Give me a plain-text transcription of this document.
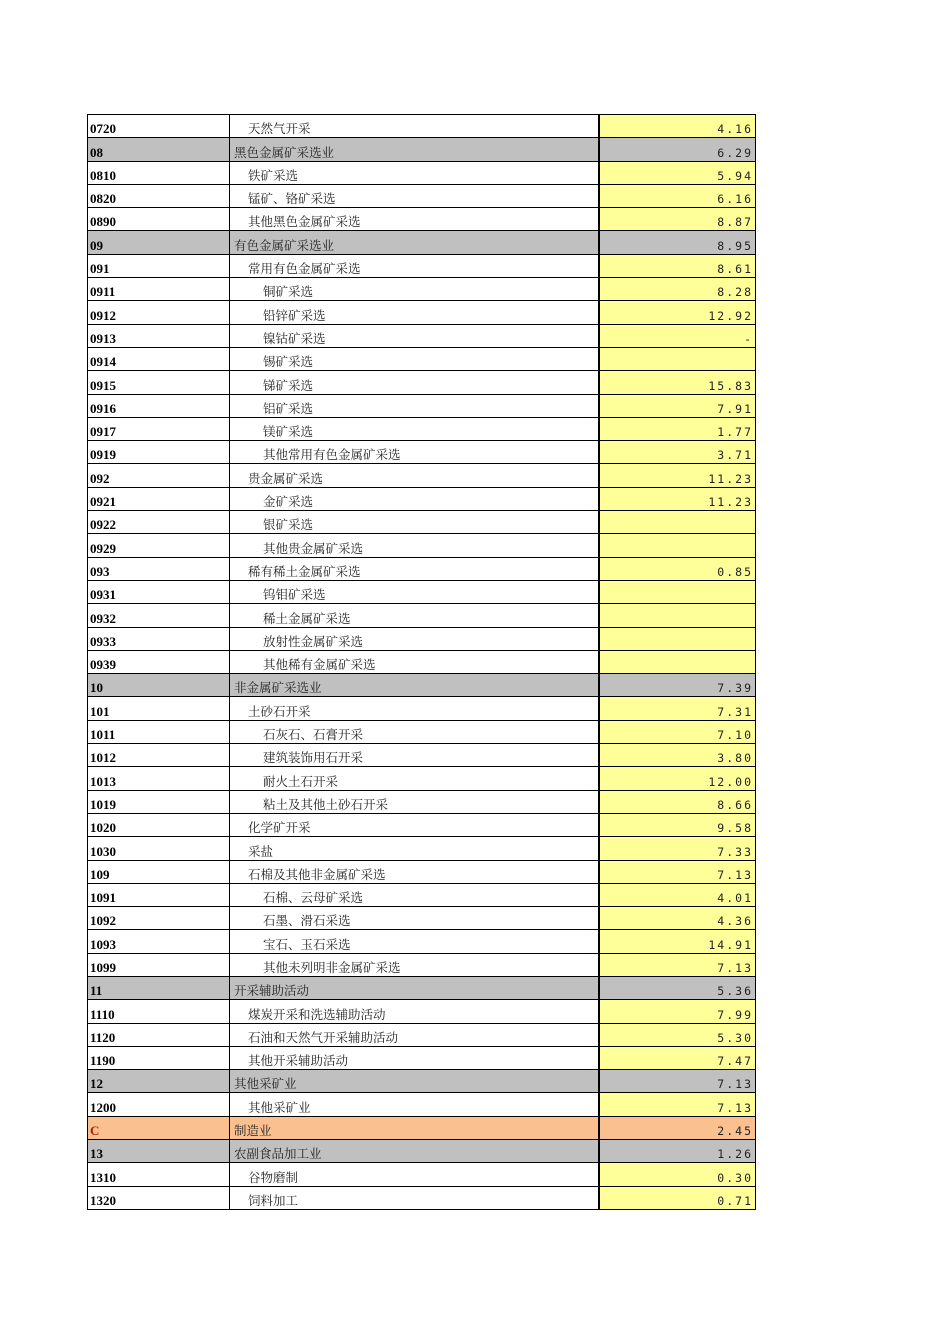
0720	天然气开采	4.16
08	黑色金属矿采选业	6.29
0810	铁矿采选	5.94
0820	锰矿、铬矿采选	6.16
0890	其他黑色金属矿采选	8.87
09	有色金属矿采选业	8.95
091	常用有色金属矿采选	8.61
0911	铜矿采选	8.28
0912	铅锌矿采选	12.92
0913	镍钴矿采选	-
0914	锡矿采选	
0915	锑矿采选	15.83
0916	铝矿采选	7.91
0917	镁矿采选	1.77
0919	其他常用有色金属矿采选	3.71
092	贵金属矿采选	11.23
0921	金矿采选	11.23
0922	银矿采选	
0929	其他贵金属矿采选	
093	稀有稀土金属矿采选	0.85
0931	钨钼矿采选	
0932	稀土金属矿采选	
0933	放射性金属矿采选	
0939	其他稀有金属矿采选	
10	非金属矿采选业	7.39
101	土砂石开采	7.31
1011	石灰石、石膏开采	7.10
1012	建筑装饰用石开采	3.80
1013	耐火土石开采	12.00
1019	粘土及其他土砂石开采	8.66
1020	化学矿开采	9.58
1030	采盐	7.33
109	石棉及其他非金属矿采选	7.13
1091	石棉、云母矿采选	4.01
1092	石墨、滑石采选	4.36
1093	宝石、玉石采选	14.91
1099	其他未列明非金属矿采选	7.13
11	开采辅助活动	5.36
1110	煤炭开采和洗选辅助活动	7.99
1120	石油和天然气开采辅助活动	5.30
1190	其他开采辅助活动	7.47
12	其他采矿业	7.13
1200	其他采矿业	7.13
C	制造业	2.45
13	农副食品加工业	1.26
1310	谷物磨制	0.30
1320	饲料加工	0.71
